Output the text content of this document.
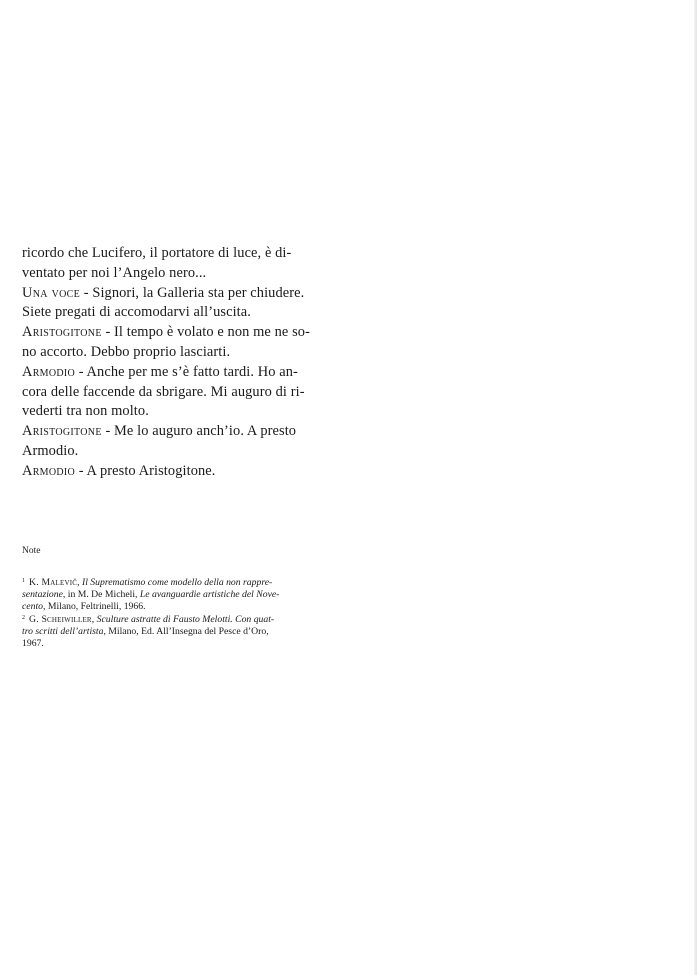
ricordo che Lucifero, il portatore di luce, è di-
ventato per noi l’Angelo nero...
Una voce - Signori, la Galleria sta per chiudere.
Siete pregati di accomodarvi all’uscita.
Aristogitone - Il tempo è volato e non me ne so-
no accorto. Debbo proprio lasciarti.
Armodio - Anche per me s’è fatto tardi. Ho an-
cora delle faccende da sbrigare. Mi auguro di ri-
vederti tra non molto.
Aristogitone - Me lo auguro anch’io. A presto
Armodio.
Armodio - A presto Aristogitone.
Note
$^1$ K. Malevič, Il Suprematismo come modello della non rappre-
sentazione, in M. De Micheli, Le avanguardie artistiche del Nove-
cento, Milano, Feltrinelli, 1966.
$^2$ G. Scheiwiller, Sculture astratte di Fausto Melotti. Con quat-
tro scritti dell’artista, Milano, Ed. All’Insegna del Pesce d’Oro,
1967.
